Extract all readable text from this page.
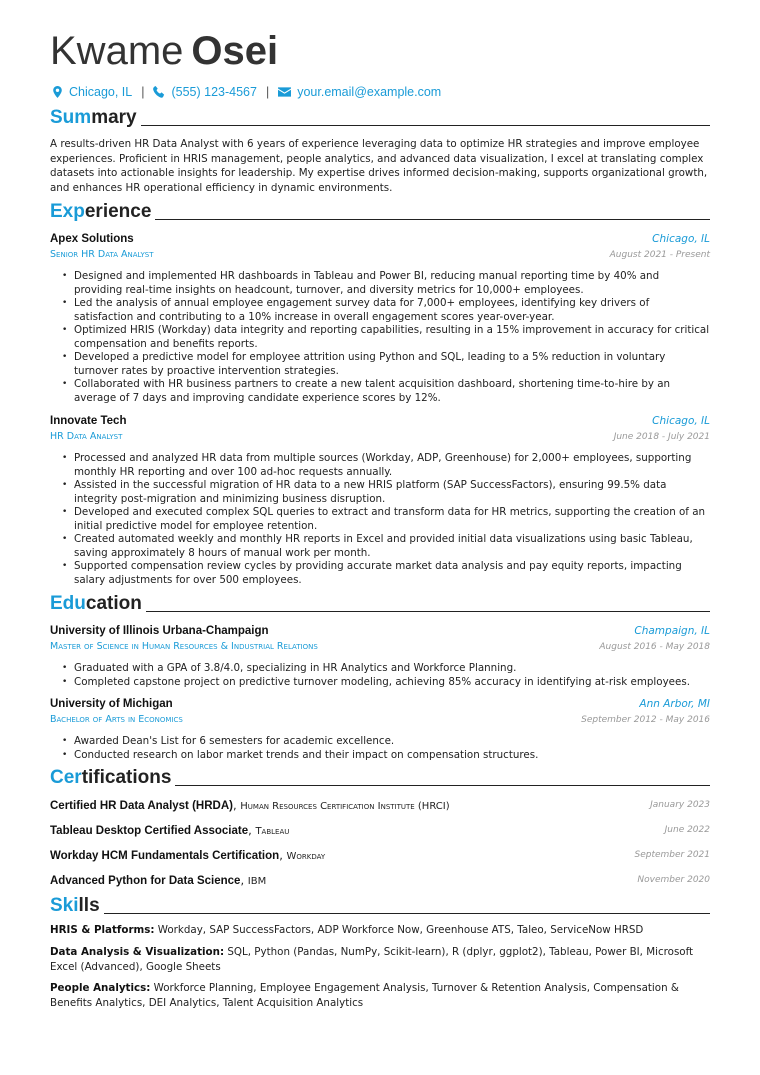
Kwame Osei
Chicago, IL | (555) 123-4567 | your.email@example.com
Summary
A results-driven HR Data Analyst with 6 years of experience leveraging data to optimize HR strategies and improve employee experiences. Proficient in HRIS management, people analytics, and advanced data visualization, I excel at translating complex datasets into actionable insights for leadership. My expertise drives informed decision-making, supports organizational growth, and enhances HR operational efficiency in dynamic environments.
Experience
Apex Solutions	Chicago, IL
Senior HR Data Analyst	August 2021 - Present
• Designed and implemented HR dashboards in Tableau and Power BI, reducing manual reporting time by 40% and providing real-time insights on headcount, turnover, and diversity metrics for 10,000+ employees.
• Led the analysis of annual employee engagement survey data for 7,000+ employees, identifying key drivers of satisfaction and contributing to a 10% increase in overall engagement scores year-over-year.
• Optimized HRIS (Workday) data integrity and reporting capabilities, resulting in a 15% improvement in accuracy for critical compensation and benefits reports.
• Developed a predictive model for employee attrition using Python and SQL, leading to a 5% reduction in voluntary turnover rates by proactive intervention strategies.
• Collaborated with HR business partners to create a new talent acquisition dashboard, shortening time-to-hire by an average of 7 days and improving candidate experience scores by 12%.
Innovate Tech	Chicago, IL
HR Data Analyst	June 2018 - July 2021
• Processed and analyzed HR data from multiple sources (Workday, ADP, Greenhouse) for 2,000+ employees, supporting monthly HR reporting and over 100 ad-hoc requests annually.
• Assisted in the successful migration of HR data to a new HRIS platform (SAP SuccessFactors), ensuring 99.5% data integrity post-migration and minimizing business disruption.
• Developed and executed complex SQL queries to extract and transform data for HR metrics, supporting the creation of an initial predictive model for employee retention.
• Created automated weekly and monthly HR reports in Excel and provided initial data visualizations using basic Tableau, saving approximately 8 hours of manual work per month.
• Supported compensation review cycles by providing accurate market data analysis and pay equity reports, impacting salary adjustments for over 500 employees.
Education
University of Illinois Urbana-Champaign	Champaign, IL
Master of Science in Human Resources & Industrial Relations	August 2016 - May 2018
• Graduated with a GPA of 3.8/4.0, specializing in HR Analytics and Workforce Planning.
• Completed capstone project on predictive turnover modeling, achieving 85% accuracy in identifying at-risk employees.
University of Michigan	Ann Arbor, MI
Bachelor of Arts in Economics	September 2012 - May 2016
• Awarded Dean's List for 6 semesters for academic excellence.
• Conducted research on labor market trends and their impact on compensation structures.
Certifications
Certified HR Data Analyst (HRDA), Human Resources Certification Institute (HRCI)	January 2023
Tableau Desktop Certified Associate, Tableau	June 2022
Workday HCM Fundamentals Certification, Workday	September 2021
Advanced Python for Data Science, IBM	November 2020
Skills
HRIS & Platforms: Workday, SAP SuccessFactors, ADP Workforce Now, Greenhouse ATS, Taleo, ServiceNow HRSD
Data Analysis & Visualization: SQL, Python (Pandas, NumPy, Scikit-learn), R (dplyr, ggplot2), Tableau, Power BI, Microsoft Excel (Advanced), Google Sheets
People Analytics: Workforce Planning, Employee Engagement Analysis, Turnover & Retention Analysis, Compensation & Benefits Analytics, DEI Analytics, Talent Acquisition Analytics
